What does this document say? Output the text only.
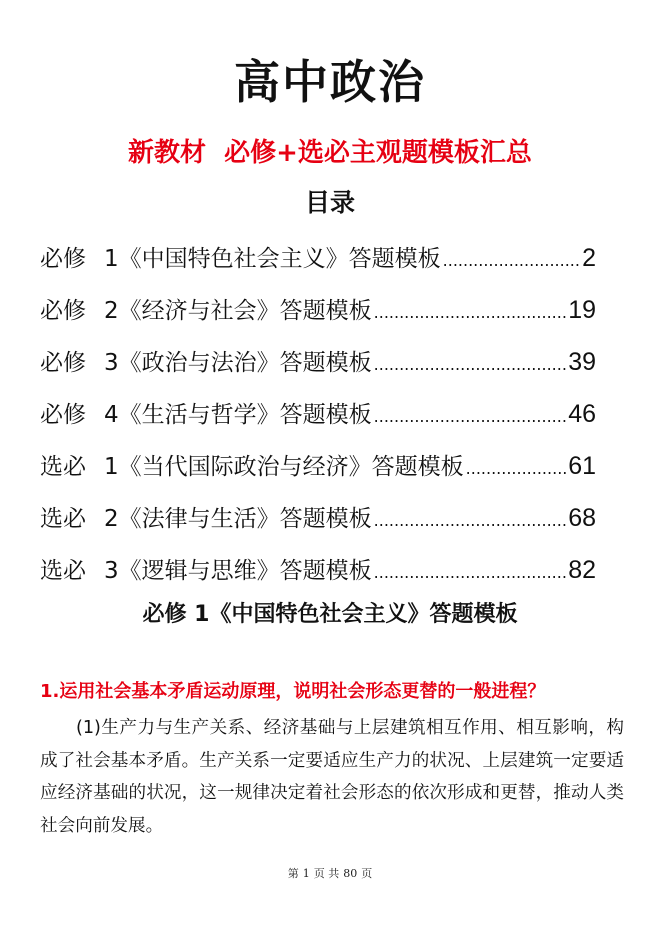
高中政治
新教材  必修+选必主观题模板汇总
目录
必修 1《中国特色社会主义》答题模板 .....	2
必修 2《经济与社会》答题模板 .....	19
必修 3《政治与法治》答题模板 .....	39
必修 4《生活与哲学》答题模板 .....	46
选必 1《当代国际政治与经济》答题模板 .....	61
选必 2《法律与生活》答题模板 .....	68
选必 3《逻辑与思维》答题模板 .....	82
必修 1《中国特色社会主义》答题模板
1.运用社会基本矛盾运动原理，说明社会形态更替的一般进程？

(1)生产力与生产关系、经济基础与上层建筑相互作用、相互影响，构成了社会基本矛盾。生产关系一定要适应生产力的状况、上层建筑一定要适应经济基础的状况，这一规律决定着社会形态的依次形成和更替，推动人类社会向前发展。

第 1 页 共 80 页
